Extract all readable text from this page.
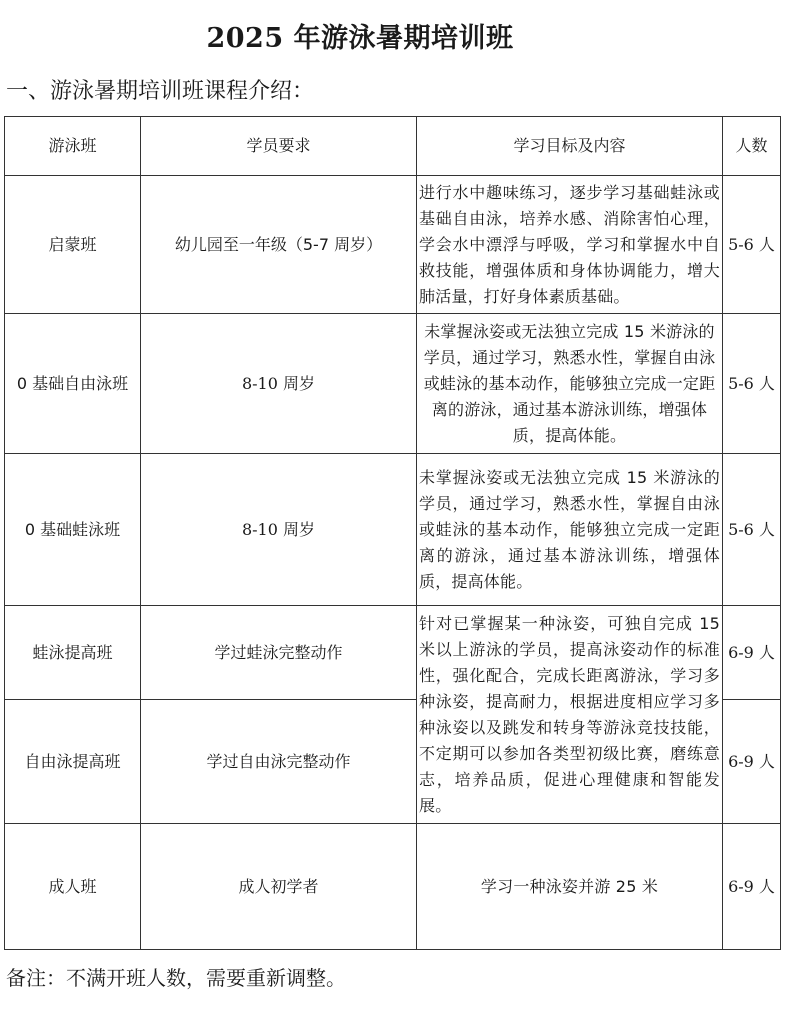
2025 年游泳暑期培训班
一、游泳暑期培训班课程介绍：
游泳班	学员要求	学习目标及内容	人数
启蒙班	幼儿园至一年级（5-7 周岁）	进行水中趣味练习，逐步学习基础蛙泳或基础自由泳，培养水感、消除害怕心理，学会水中漂浮与呼吸，学习和掌握水中自救技能，增强体质和身体协调能力，增大肺活量，打好身体素质基础。	5-6 人
0 基础自由泳班	8-10 周岁	未掌握泳姿或无法独立完成 15 米游泳的学员，通过学习，熟悉水性，掌握自由泳或蛙泳的基本动作，能够独立完成一定距离的游泳，通过基本游泳训练，增强体质，提高体能。	5-6 人
0 基础蛙泳班	8-10 周岁	未掌握泳姿或无法独立完成 15 米游泳的学员，通过学习，熟悉水性，掌握自由泳或蛙泳的基本动作，能够独立完成一定距离的游泳，通过基本游泳训练，增强体质，提高体能。	5-6 人
蛙泳提高班	学过蛙泳完整动作	针对已掌握某一种泳姿，可独自完成 15 米以上游泳的学员，提高泳姿动作的标准性，强化配合，完成长距离游泳，学习多种泳姿，提高耐力，根据进度相应学习多种泳姿以及跳发和转身等游泳竞技技能，不定期可以参加各类型初级比赛，磨练意志，培养品质，促进心理健康和智能发展。	6-9 人
自由泳提高班	学过自由泳完整动作		6-9 人
成人班	成人初学者	学习一种泳姿并游 25 米	6-9 人
备注：不满开班人数，需要重新调整。
